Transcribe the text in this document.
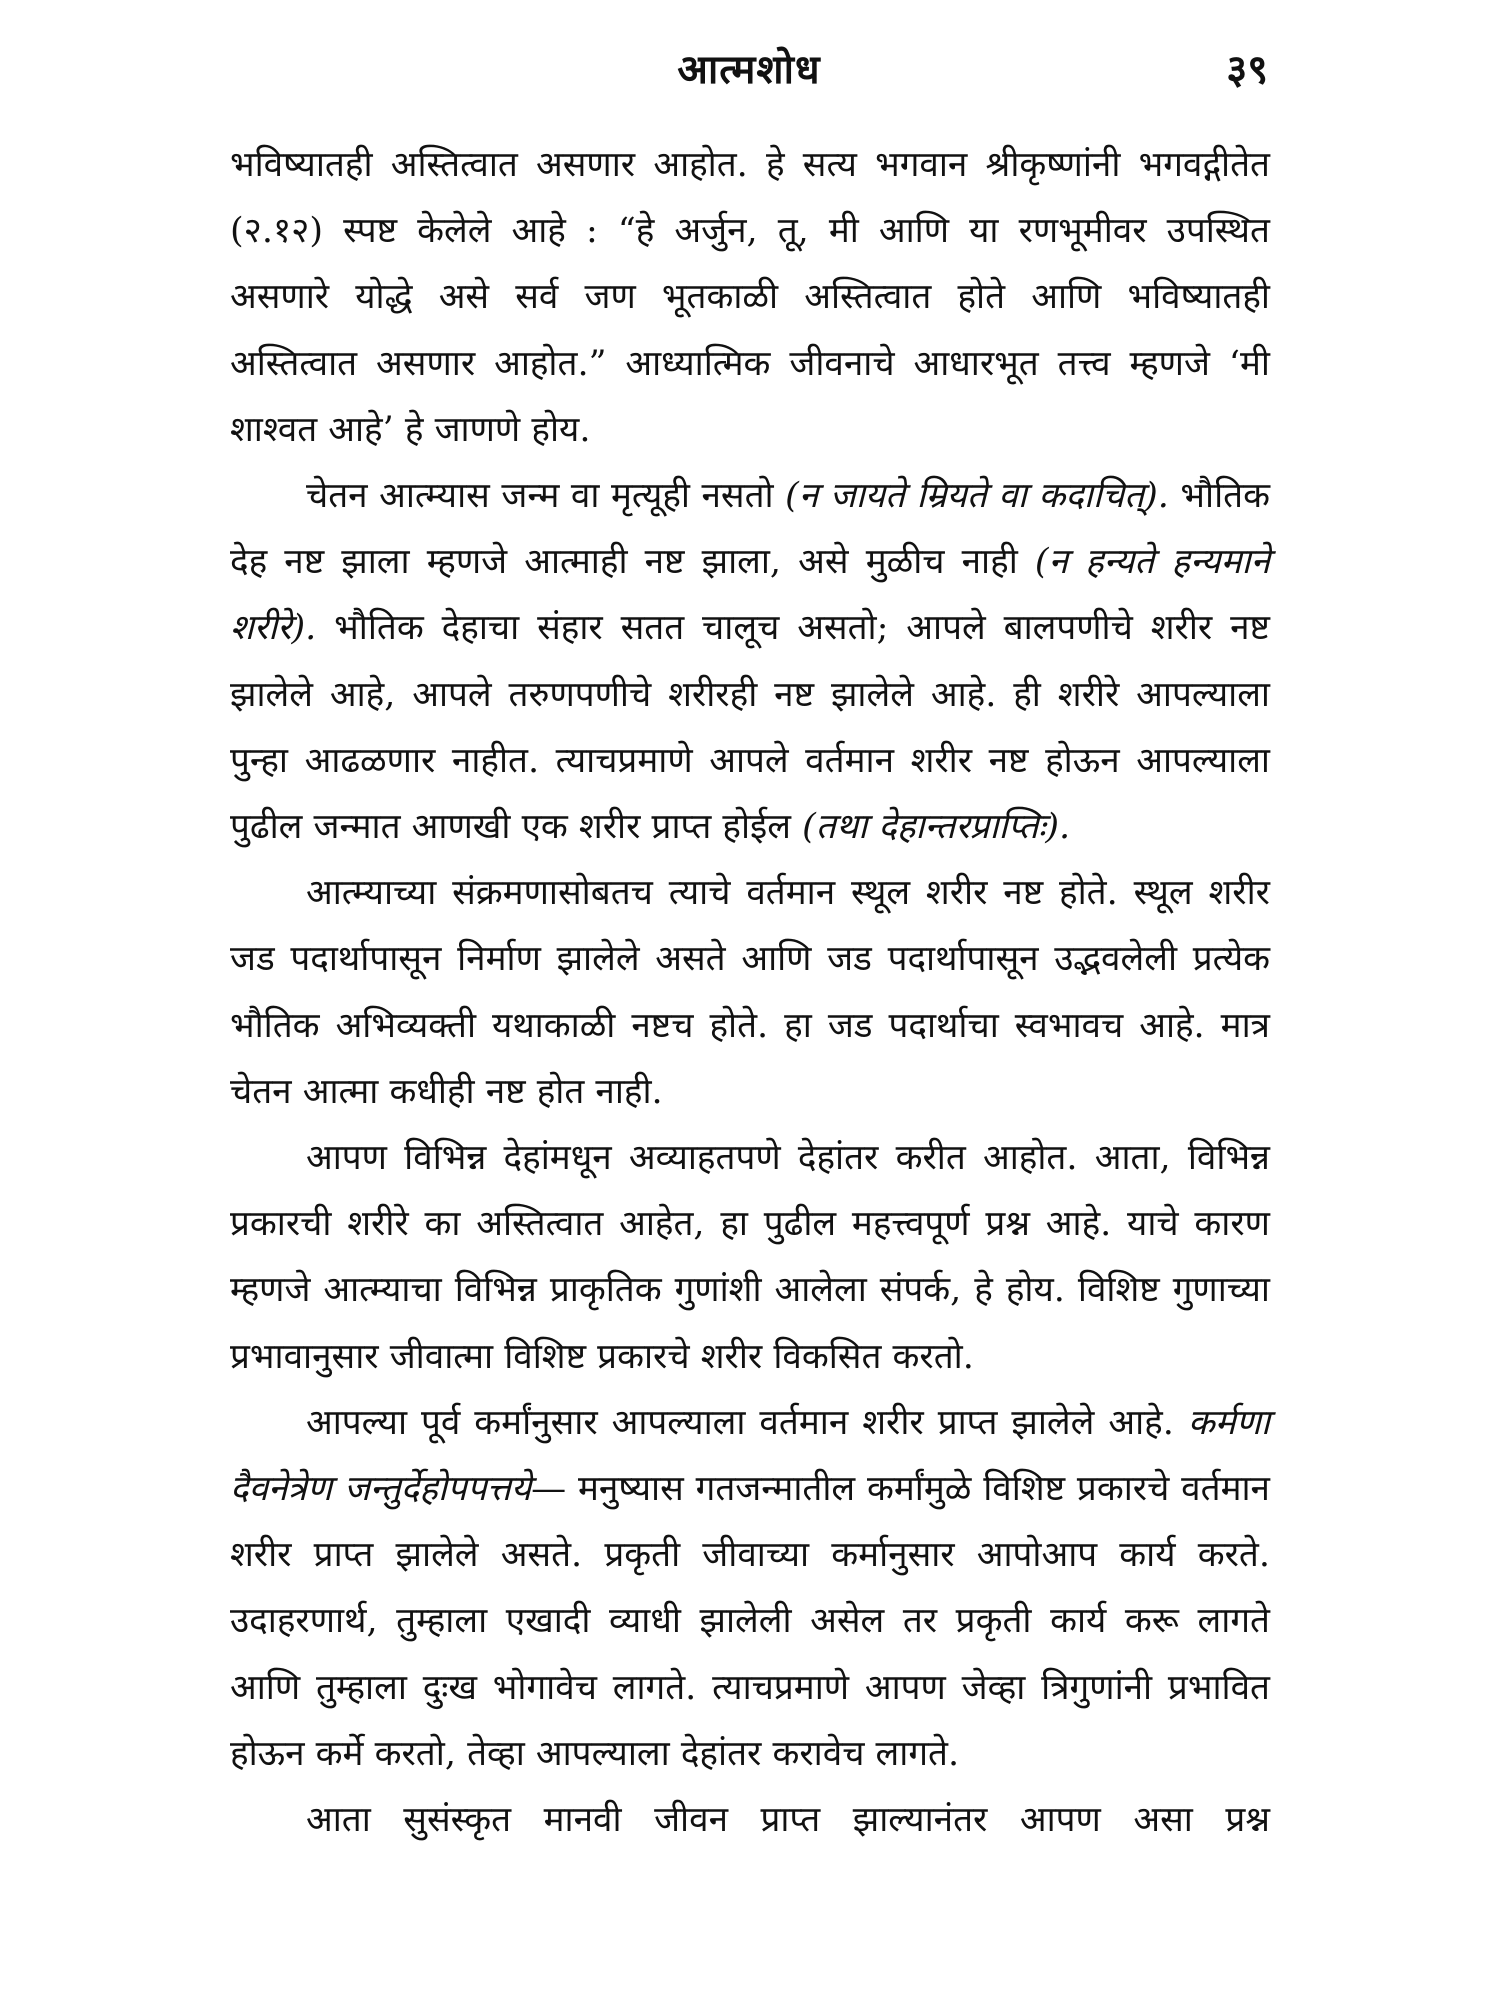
आत्मशोध	३९

भविष्यातही अस्तित्वात असणार आहोत. हे सत्य भगवान श्रीकृष्णांनी भगवद्गीतेत (२.१२) स्पष्ट केलेले आहे : “हे अर्जुन, तू, मी आणि या रणभूमीवर उपस्थित असणारे योद्धे असे सर्व जण भूतकाळी अस्तित्वात होते आणि भविष्यातही अस्तित्वात असणार आहोत.” आध्यात्मिक जीवनाचे आधारभूत तत्त्व म्हणजे ‘मी शाश्वत आहे’ हे जाणणे होय.

चेतन आत्म्यास जन्म वा मृत्यूही नसतो (न जायते म्रियते वा कदाचित्). भौतिक देह नष्ट झाला म्हणजे आत्माही नष्ट झाला, असे मुळीच नाही (न हन्यते हन्यमाने शरीरे). भौतिक देहाचा संहार सतत चालूच असतो; आपले बालपणीचे शरीर नष्ट झालेले आहे, आपले तरुणपणीचे शरीरही नष्ट झालेले आहे. ही शरीरे आपल्याला पुन्हा आढळणार नाहीत. त्याचप्रमाणे आपले वर्तमान शरीर नष्ट होऊन आपल्याला पुढील जन्मात आणखी एक शरीर प्राप्त होईल (तथा देहान्तरप्राप्तिः).

आत्म्याच्या संक्रमणासोबतच त्याचे वर्तमान स्थूल शरीर नष्ट होते. स्थूल शरीर जड पदार्थापासून निर्माण झालेले असते आणि जड पदार्थापासून उद्भवलेली प्रत्येक भौतिक अभिव्यक्ती यथाकाळी नष्टच होते. हा जड पदार्थाचा स्वभावच आहे. मात्र चेतन आत्मा कधीही नष्ट होत नाही.

आपण विभिन्न देहांमधून अव्याहतपणे देहांतर करीत आहोत. आता, विभिन्न प्रकारची शरीरे का अस्तित्वात आहेत, हा पुढील महत्त्वपूर्ण प्रश्न आहे. याचे कारण म्हणजे आत्म्याचा विभिन्न प्राकृतिक गुणांशी आलेला संपर्क, हे होय. विशिष्ट गुणाच्या प्रभावानुसार जीवात्मा विशिष्ट प्रकारचे शरीर विकसित करतो.

आपल्या पूर्व कर्मांनुसार आपल्याला वर्तमान शरीर प्राप्त झालेले आहे. कर्मणा दैवनेत्रेण जन्तुर्देहोपपत्तये— मनुष्यास गतजन्मातील कर्मांमुळे विशिष्ट प्रकारचे वर्तमान शरीर प्राप्त झालेले असते. प्रकृती जीवाच्या कर्मानुसार आपोआप कार्य करते. उदाहरणार्थ, तुम्हाला एखादी व्याधी झालेली असेल तर प्रकृती कार्य करू लागते आणि तुम्हाला दुःख भोगावेच लागते. त्याचप्रमाणे आपण जेव्हा त्रिगुणांनी प्रभावित होऊन कर्मे करतो, तेव्हा आपल्याला देहांतर करावेच लागते.

आता सुसंस्कृत मानवी जीवन प्राप्त झाल्यानंतर आपण असा प्रश्न
